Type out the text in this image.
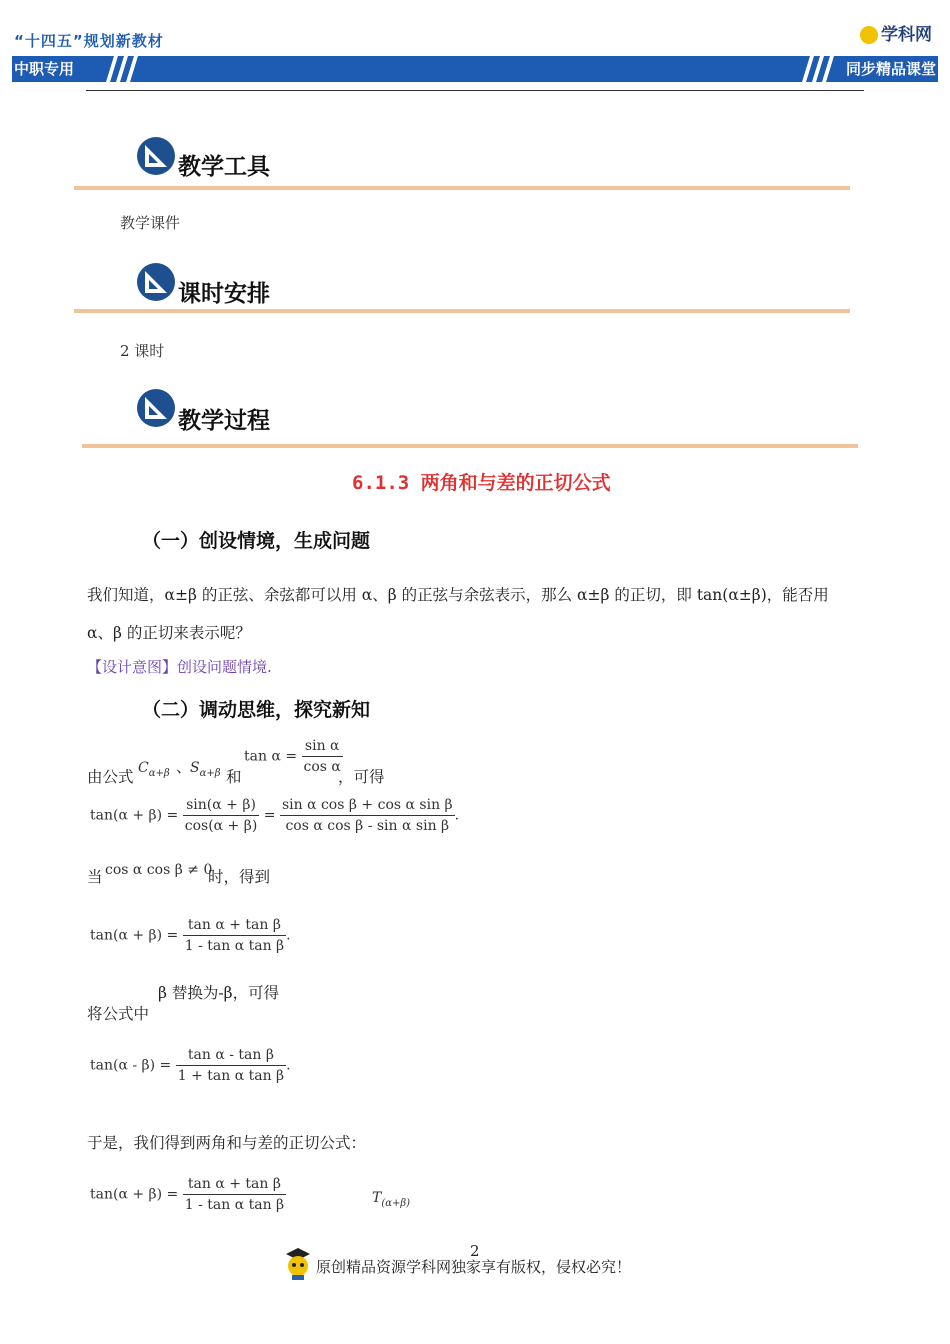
“十四五”规划新教材	学科网
中职专用	同步精品课堂
教学工具
教学课件
课时安排
2 课时
教学过程
6.1.3 两角和与差的正切公式
（一）创设情境，生成问题
我们知道，α±β 的正弦、余弦都可以用 α、β 的正弦与余弦表示，那么 α±β 的正切，即 tan(α±β)，能否用
α、β 的正切来表示呢？
【设计意图】创设问题情境.
（二）调动思维，探究新知
由公式 $C_{\alpha+\beta}$ 、
$S_{\alpha+\beta}$ 和
$\tan \alpha = \frac{\text{sin α}}{\text{cos α}}$
，可得
$\tan(\alpha + \beta) = \frac{\sin(\alpha + \beta)}{\cos(\alpha + \beta)} = \frac{\text{sin α cos β + cos α sin β}}{\text{cos α cos β - sin α sin β}}$ .
当 cos α cos β ≠ 0
时，得到
$\tan(\alpha + \beta) = \frac{\text{tan α + tan β}}{\text{1 - tan α tan β}}$ .
β 替换为-β，可得
将公式中
$\tan(\alpha - \beta) = \frac{\text{tan α - tan β}}{\text{1 + tan α tan β}}$ .
于是，我们得到两角和与差的正切公式：
$\tan(\alpha + \beta) = \frac{\text{tan α + tan β}}{\text{1 - tan α tan β}}$	$T_{(\alpha+\beta)}$
2
原创精品资源学科网独家享有版权，侵权必究！
